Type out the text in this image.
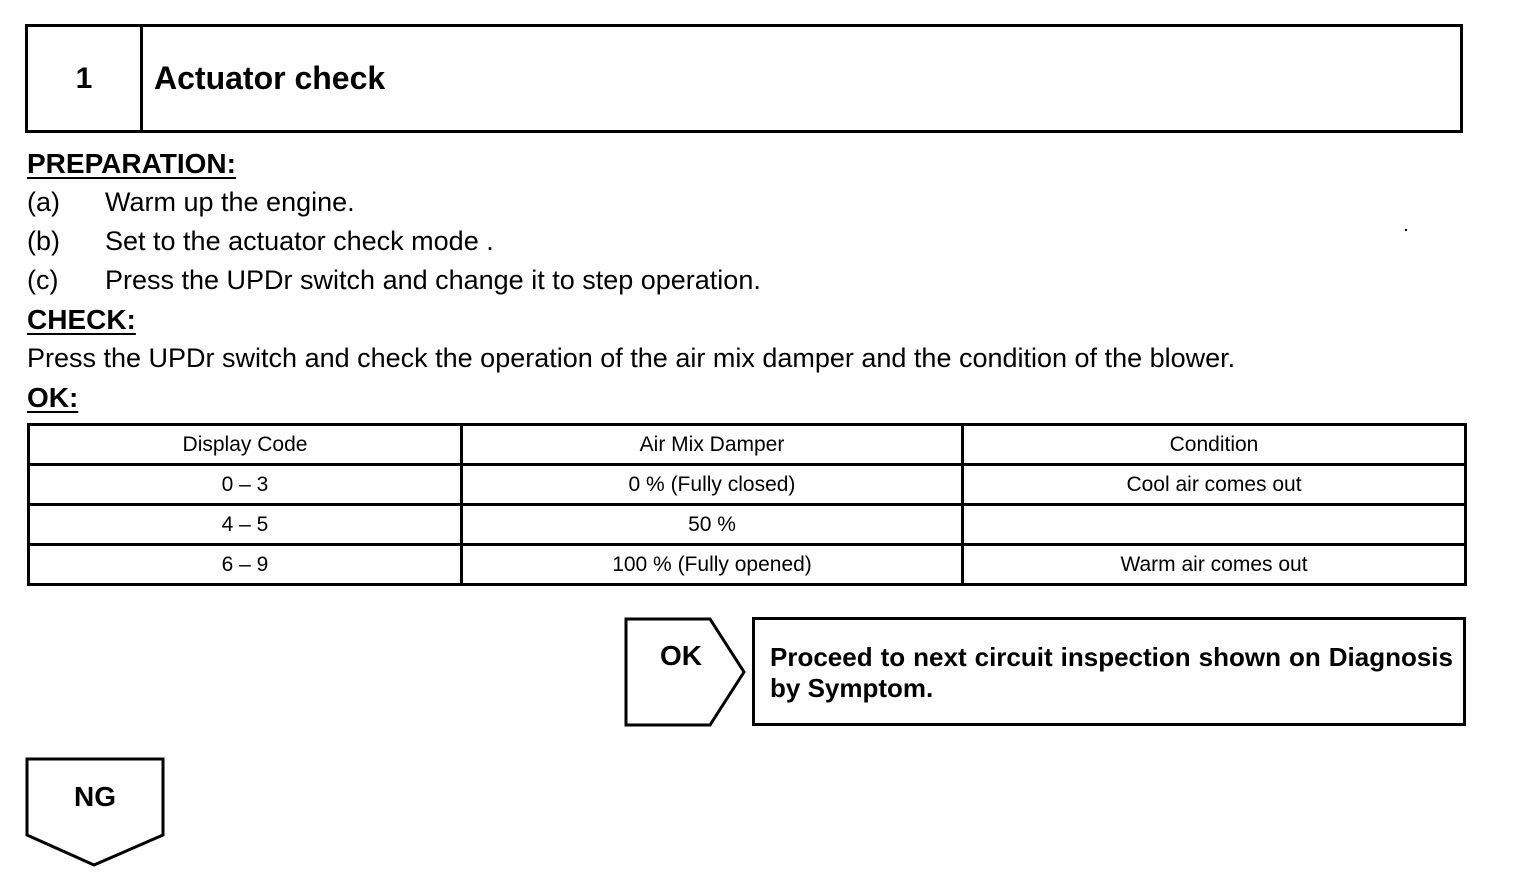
1	Actuator check
PREPARATION:
(a) Warm up the engine.
(b) Set to the actuator check mode .
(c) Press the UPDr switch and change it to step operation.
CHECK:
Press the UPDr switch and check the operation of the air mix damper and the condition of the blower.
OK:
Display Code	Air Mix Damper	Condition
0 – 3	0 % (Fully closed)	Cool air comes out
4 – 5	50 %	
6 – 9	100 % (Fully opened)	Warm air comes out
OK	Proceed to next circuit inspection shown on Diagnosis by Symptom.
NG
